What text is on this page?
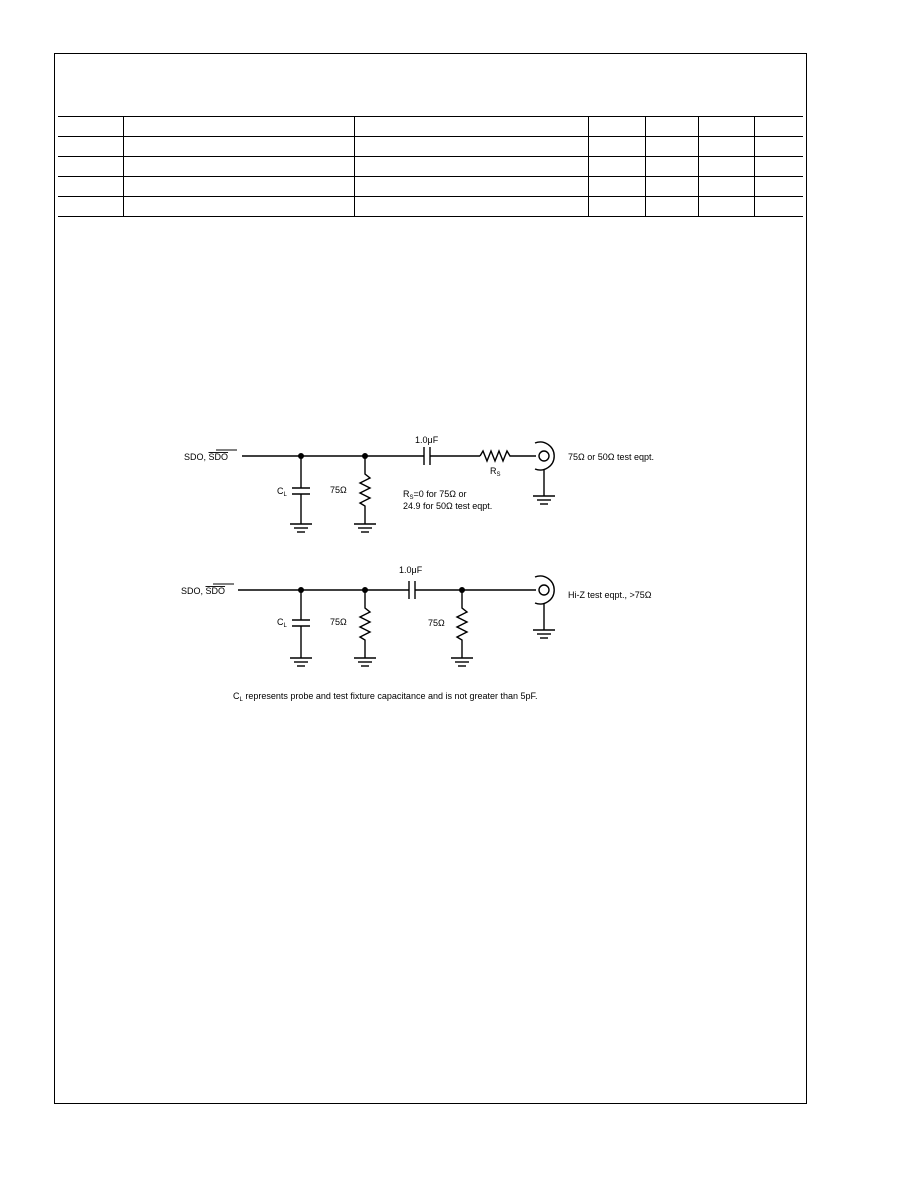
SDO, SDO
$C_L$	75Ω
1.0μF
$R_S$
75Ω or 50Ω test eqpt.
$R_S=0$ for 75Ω or
24.9 for 50Ω test eqpt.
SDO, SDO
$C_L$	75Ω
1.0μF
75Ω
Hi-Z test eqpt., >75Ω
$C_L$ represents probe and test fixture capacitance and is not greater than 5pF.
